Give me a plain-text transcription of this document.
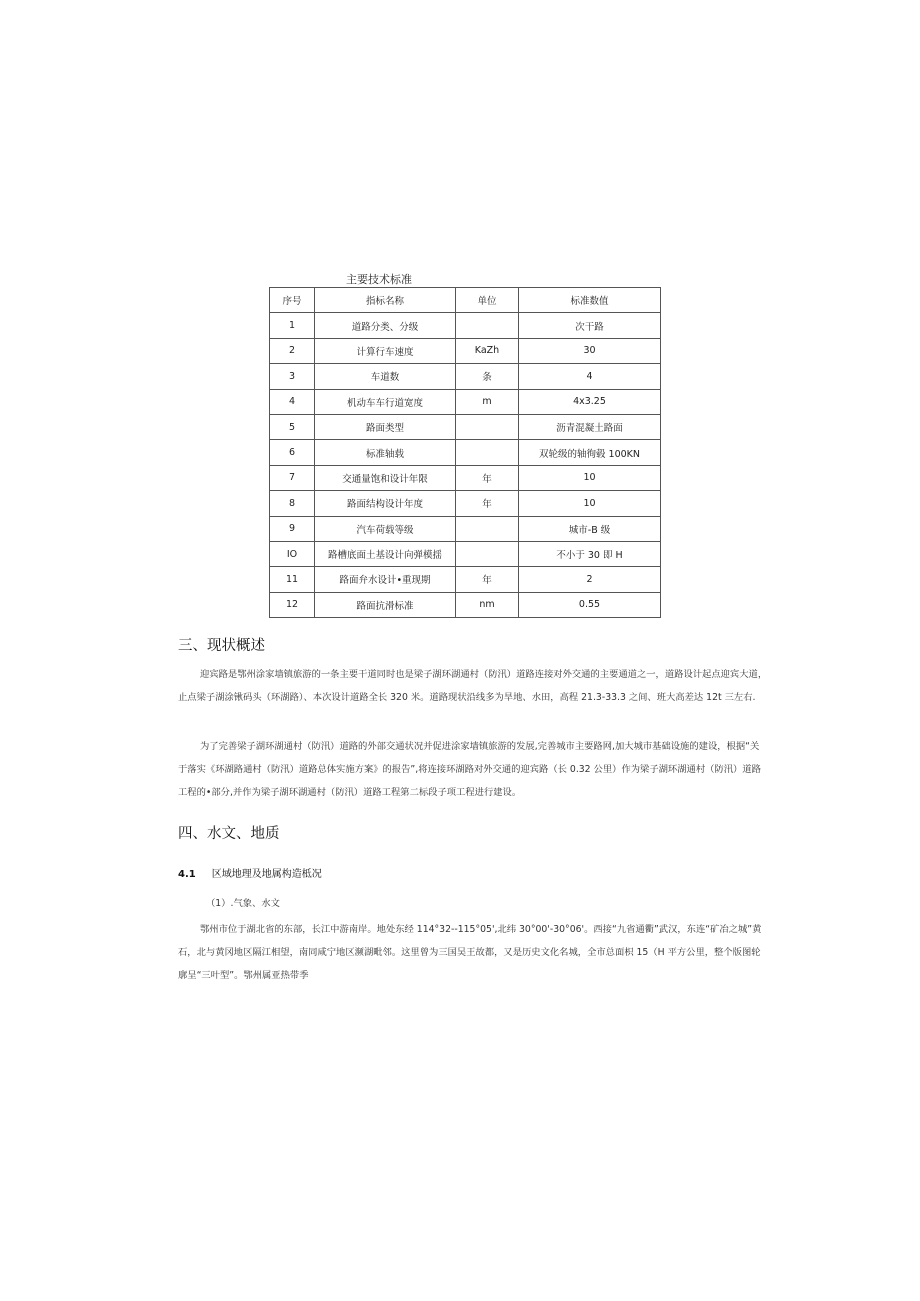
主要技术标准
序号	指标名称	单位	标准数值
1	道路分类、分级		次干路
2	计算行车速度	KaZh	30
3	车道数	条	4
4	机动车车行道宽度	m	4x3.25
5	路面类型		沥青混凝土路面
6	标准轴载		双轮级的轴徇毂 100KN
7	交通量饱和设计年限	年	10
8	路面结构设计年度	年	10
9	汽车荷载等级		城市-B 级
IO	路槽底面土基设计向弹模揺		不小于 30 即 H
11	路面弁水设计•重现期	年	2
12	路面抗滑标准	nm	0.55
三、现状概述

迎宾路是鄂州涂家墙镇旅游的一条主要干道同时也是梁子湖环湖通村（防汛）道路连接对外交通的主要通道之一，道路设计起点迎宾大道，止点梁子湖涂锹码头（环湖路）、本次设计道路全长 320 米。道路现状沿线多为旱地、水田，高程 21.3-33.3 之间、班大高差达 12t 三左右.

为了完善梁子湖环湖通村（防汛）道路的外部交通状况并促进涂家墙镇旅游的发展,完善城市主要路网,加大城市基础设施的建设，根据“关于落实《环湖路通村（防汛）道路总体实施方案》的报告”,将连接环湖路对外交通的迎宾路（长 0.32 公里）作为梁子湖环湖通村（防汛）道路工程的•部分,并作为梁子湖环湖通村（防汛）道路工程第二标段子项工程进行建设。

四、水文、地质
4.1 区域地理及地属构造柢况
（1）.气象、水文

鄂州市位于湖北省的东部，长江中游南岸。地处东经 114°32--115°05',北纬 30°00'-30°06'。西接“九省通衢”武汉，东连“矿冶之城”黄石，北与黄冈地区隔江相望，南同咸宁地区濒湖毗邻。这里曾为三国吴王故都，又是历史文化名城，全市总面枳 15（H 平方公里，整个版图轮廓呈“三叶型”。鄂州属亚热带季
